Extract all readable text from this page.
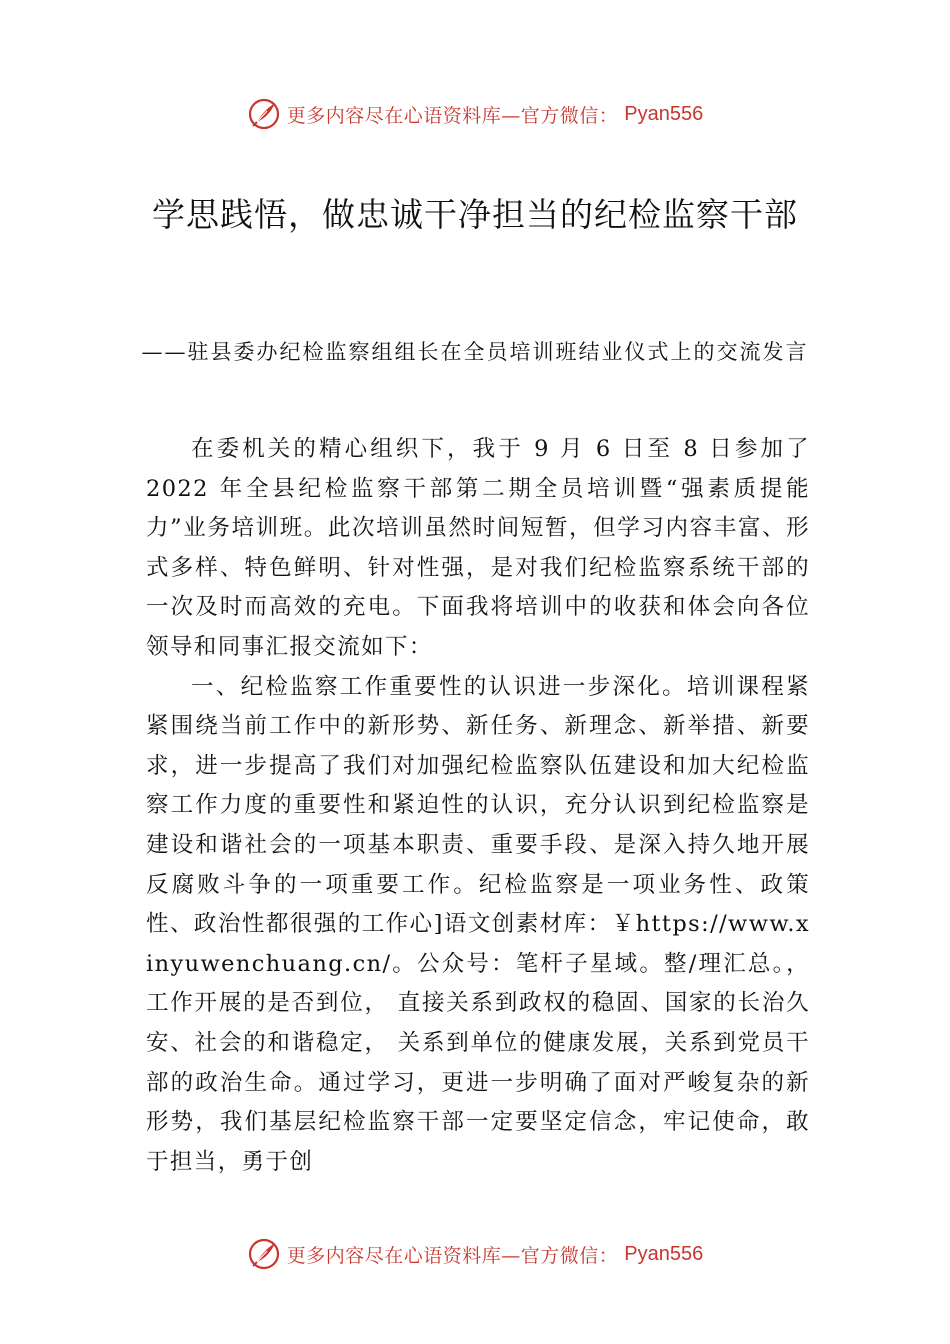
更多内容尽在心语资料库—官方微信： Pyan556
学思践悟，做忠诚干净担当的纪检监察干部
——驻县委办纪检监察组组长在全员培训班结业仪式上的交流发言

在委机关的精心组织下，我于 9 月 6 日至 8 日参加了 2022 年全县纪检监察干部第二期全员培训暨“强素质提能力”业务培训班。此次培训虽然时间短暂，但学习内容丰富、形式多样、特色鲜明、针对性强，是对我们纪检监察系统干部的一次及时而高效的充电。下面我将培训中的收获和体会向各位领导和同事汇报交流如下：

一、纪检监察工作重要性的认识进一步深化。培训课程紧紧围绕当前工作中的新形势、新任务、新理念、新举措、新要求，进一步提高了我们对加强纪检监察队伍建设和加大纪检监察工作力度的重要性和紧迫性的认识，充分认识到纪检监察是建设和谐社会的一项基本职责、重要手段、是深入持久地开展反腐败斗争的一项重要工作。纪检监察是一项业务性、政策性、政治性都很强的工作心]语文创素材库：￥https://www.xinyuwenchuang.cn/。公众号：笔杆子星域。整/理汇总。，工作开展的是否到位， 直接关系到政权的稳固、国家的长治久安、社会的和谐稳定， 关系到单位的健康发展，关系到党员干部的政治生命。通过学习，更进一步明确了面对严峻复杂的新形势，我们基层纪检监察干部一定要坚定信念，牢记使命，敢于担当，勇于创

更多内容尽在心语资料库—官方微信： Pyan556
